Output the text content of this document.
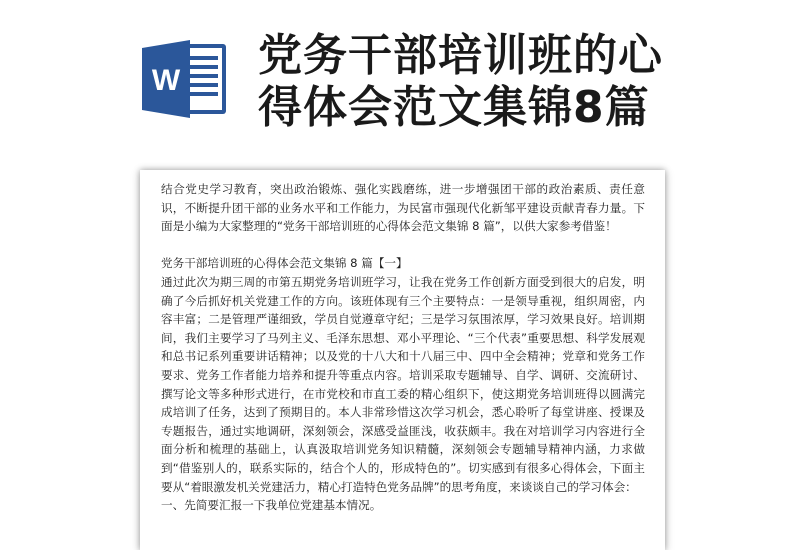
W 党务干部培训班的心
得体会范文集锦8篇

结合党史学习教育，突出政治锻炼、强化实践磨练，进一步增强团干部的政治素质、责任意识，不断提升团干部的业务水平和工作能力，为民富市强现代化新邹平建设贡献青春力量。下面是小编为大家整理的“党务干部培训班的心得体会范文集锦 8 篇”，以供大家参考借鉴！

党务干部培训班的心得体会范文集锦 8 篇【一】

通过此次为期三周的市第五期党务培训班学习，让我在党务工作创新方面受到很大的启发，明确了今后抓好机关党建工作的方向。该班体现有三个主要特点：一是领导重视，组织周密，内容丰富；二是管理严谨细致，学员自觉遵章守纪；三是学习氛围浓厚，学习效果良好。培训期间，我们主要学习了马列主义、毛泽东思想、邓小平理论、“三个代表”重要思想、科学发展观和总书记系列重要讲话精神；以及党的十八大和十八届三中、四中全会精神；党章和党务工作要求、党务工作者能力培养和提升等重点内容。培训采取专题辅导、自学、调研、交流研讨、撰写论文等多种形式进行，在市党校和市直工委的精心组织下，使这期党务培训班得以圆满完成培训了任务，达到了预期目的。本人非常珍惜这次学习机会，悉心聆听了每堂讲座、授课及专题报告，通过实地调研，深刻领会，深感受益匪浅，收获颇丰。我在对培训学习内容进行全面分析和梳理的基础上，认真汲取培训党务知识精髓，深刻领会专题辅导精神内涵，力求做到“借鉴别人的，联系实际的，结合个人的，形成特色的”。切实感到有很多心得体会，下面主要从“着眼激发机关党建活力，精心打造特色党务品牌”的思考角度，来谈谈自己的学习体会：

一、先简要汇报一下我单位党建基本情况。
